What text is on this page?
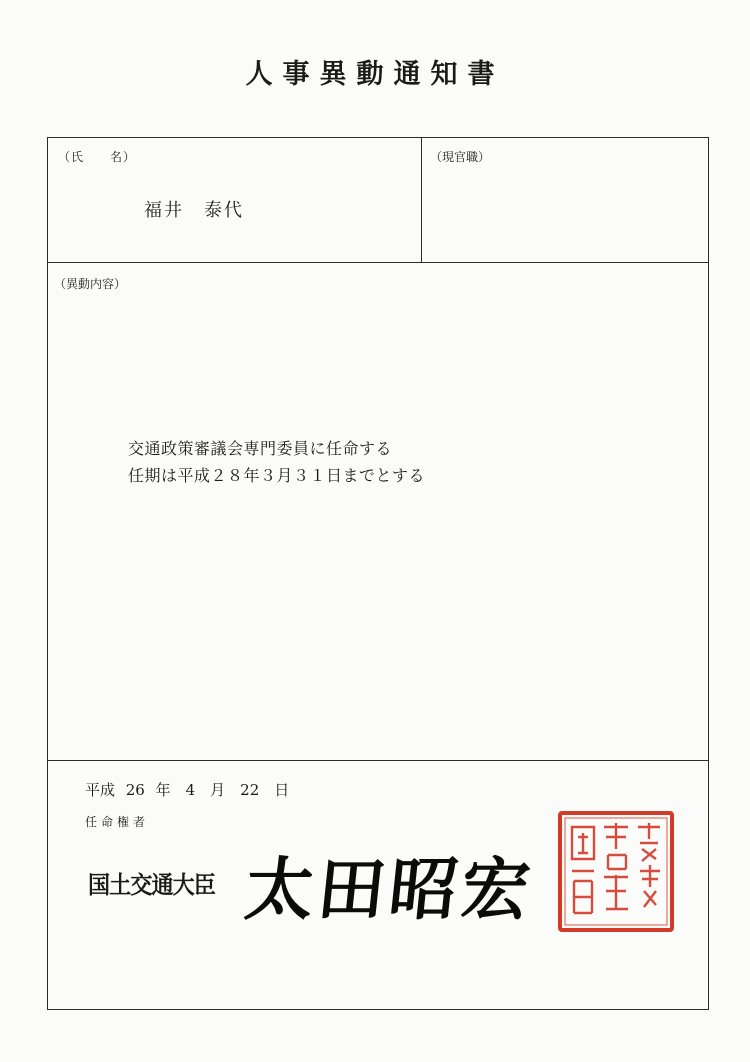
人事異動通知書
（氏　　名）
福井　泰代
（現官職）
（異動内容）
交通政策審議会専門委員に任命する
任期は平成２８年３月３１日までとする
平成 26 年　4　月　22　日
任命権者
国土交通大臣 太田昭宏
